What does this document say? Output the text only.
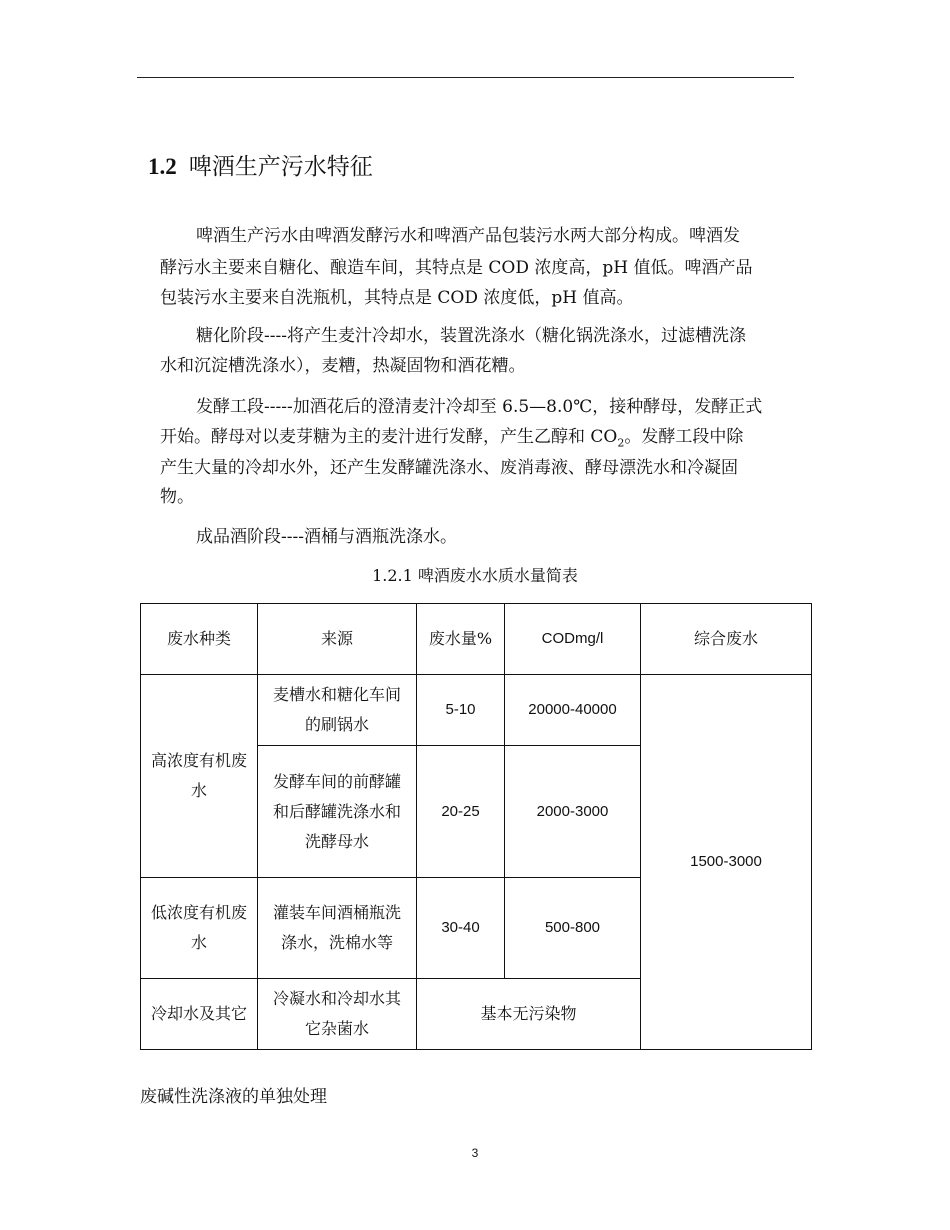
1.2 啤酒生产污水特征
啤酒生产污水由啤酒发酵污水和啤酒产品包装污水两大部分构成。啤酒发
酵污水主要来自糖化、酿造车间，其特点是 COD 浓度高，pH 值低。啤酒产品
包装污水主要来自洗瓶机，其特点是 COD 浓度低，pH 值高。
糖化阶段----将产生麦汁冷却水，装置洗涤水（糖化锅洗涤水，过滤槽洗涤
水和沉淀槽洗涤水），麦糟，热凝固物和酒花糟。
发酵工段-----加酒花后的澄清麦汁冷却至 6.5—8.0℃，接种酵母，发酵正式
开始。酵母对以麦芽糖为主的麦汁进行发酵，产生乙醇和 $CO_2$。发酵工段中除
产生大量的冷却水外，还产生发酵罐洗涤水、废消毒液、酵母漂洗水和冷凝固
物。
成品酒阶段----酒桶与酒瓶洗涤水。
1.2.1 啤酒废水水质水量简表
废水种类	来源	废水量%	CODmg/l	综合废水
高浓度有机废水	麦槽水和糖化车间的刷锅水	5-10	20000-40000	1500-3000
	发酵车间的前酵罐和后酵罐洗涤水和洗酵母水	20-25	2000-3000	
低浓度有机废水	灌装车间酒桶瓶洗涤水，洗棉水等	30-40	500-800	
冷却水及其它	冷凝水和冷却水其它杂菌水	基本无污染物		
废碱性洗涤液的单独处理
3
